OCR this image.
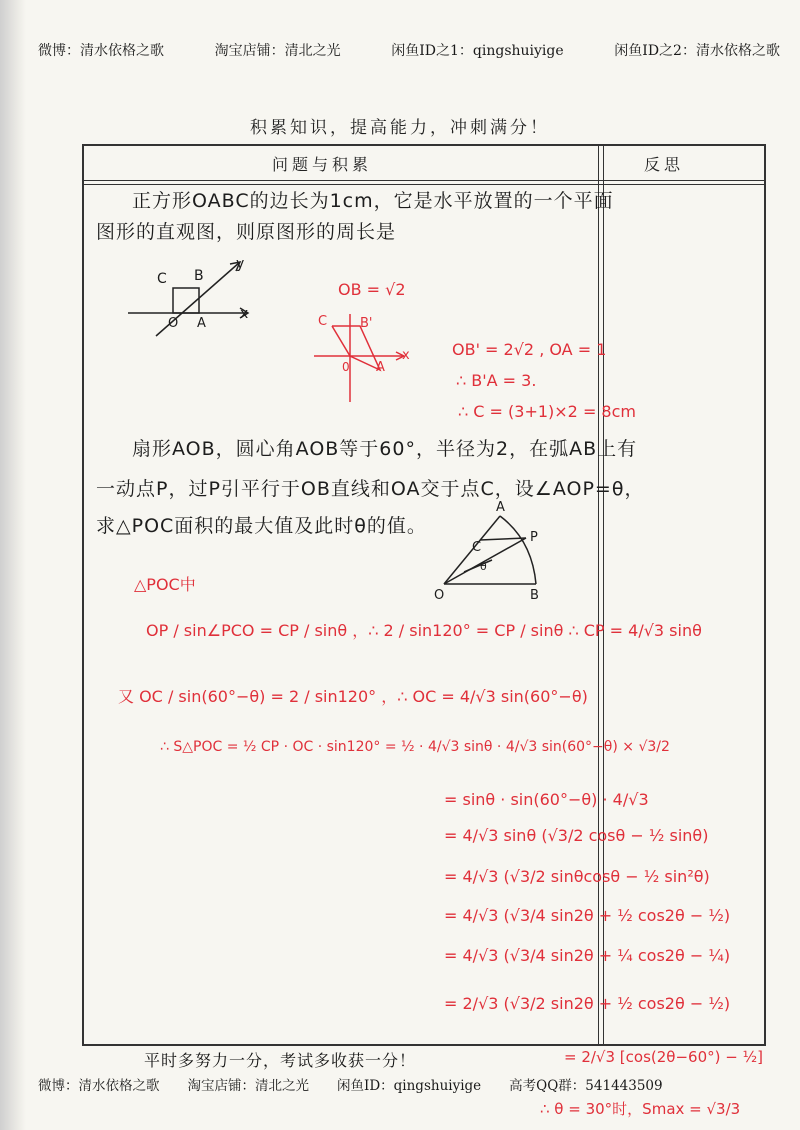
微博：清水依格之歌	淘宝店铺：清北之光	闲鱼ID之1：qingshuiyige	闲鱼ID之2：清水依格之歌
积累知识，提高能力，冲刺满分！
问题与积累	反思
正方形OABC的边长为1cm，它是水平放置的一个平面
图形的直观图，则原图形的周长是
C B
y
O A
x
OB = √2
C	B'
0 A
x	OB' = 2√2 , OA = 1
∴ B'A = 3.
∴ C = (3+1)×2 = 8cm
扇形AOB，圆心角AOB等于60°，半径为2，在弧AB上有
一动点P，过P引平行于OB直线和OA交于点C，设∠AOP=θ，
求△POC面积的最大值及此时θ的值。
A
C
P
θ
O	B
△POC中
OP / sin∠PCO = CP / sinθ ，∴ 2 / sin120° = CP / sinθ ∴ CP = 4/√3 sinθ
又 OC / sin(60°−θ) = 2 / sin120° ，∴ OC = 4/√3 sin(60°−θ)
∴ S△POC = ½ CP · OC · sin120° = ½ · 4/√3 sinθ · 4/√3 sin(60°−θ) × √3/2
= sinθ · sin(60°−θ) · 4/√3
= 4/√3 sinθ (√3/2 cosθ − ½ sinθ)
= 4/√3 (√3/2 sinθcosθ − ½ sin²θ)
= 4/√3 (√3/4 sin2θ + ½ cos2θ − ½)
= 4/√3 (√3/4 sin2θ + ¼ cos2θ − ¼)
= 2/√3 (√3/2 sin2θ + ½ cos2θ − ½)
= 2/√3 [cos(2θ−60°) − ½]
∴ θ = 30°时，Smax = √3/3
平时多努力一分，考试多收获一分！
微博：清水依格之歌 淘宝店铺：清北之光 闲鱼ID：qingshuiyige 高考QQ群：541443509
